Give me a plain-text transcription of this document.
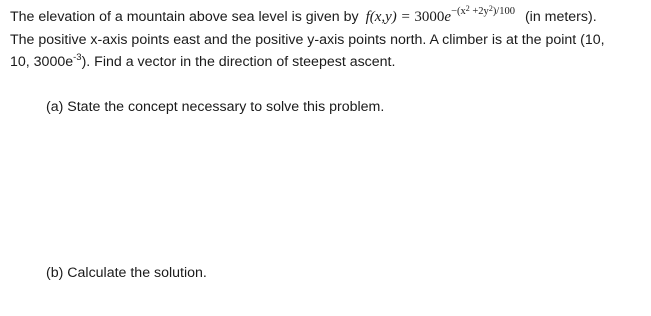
The elevation of a mountain above sea level is given by $f(x,y) = 3000e^{-(x^2 +2y^2)/100}$ (in meters).
The positive x-axis points east and the positive y-axis points north. A climber is at the point (10,
10, $3000e^{-3}$). Find a vector in the direction of steepest ascent.
(a) State the concept necessary to solve this problem.
(b) Calculate the solution.
